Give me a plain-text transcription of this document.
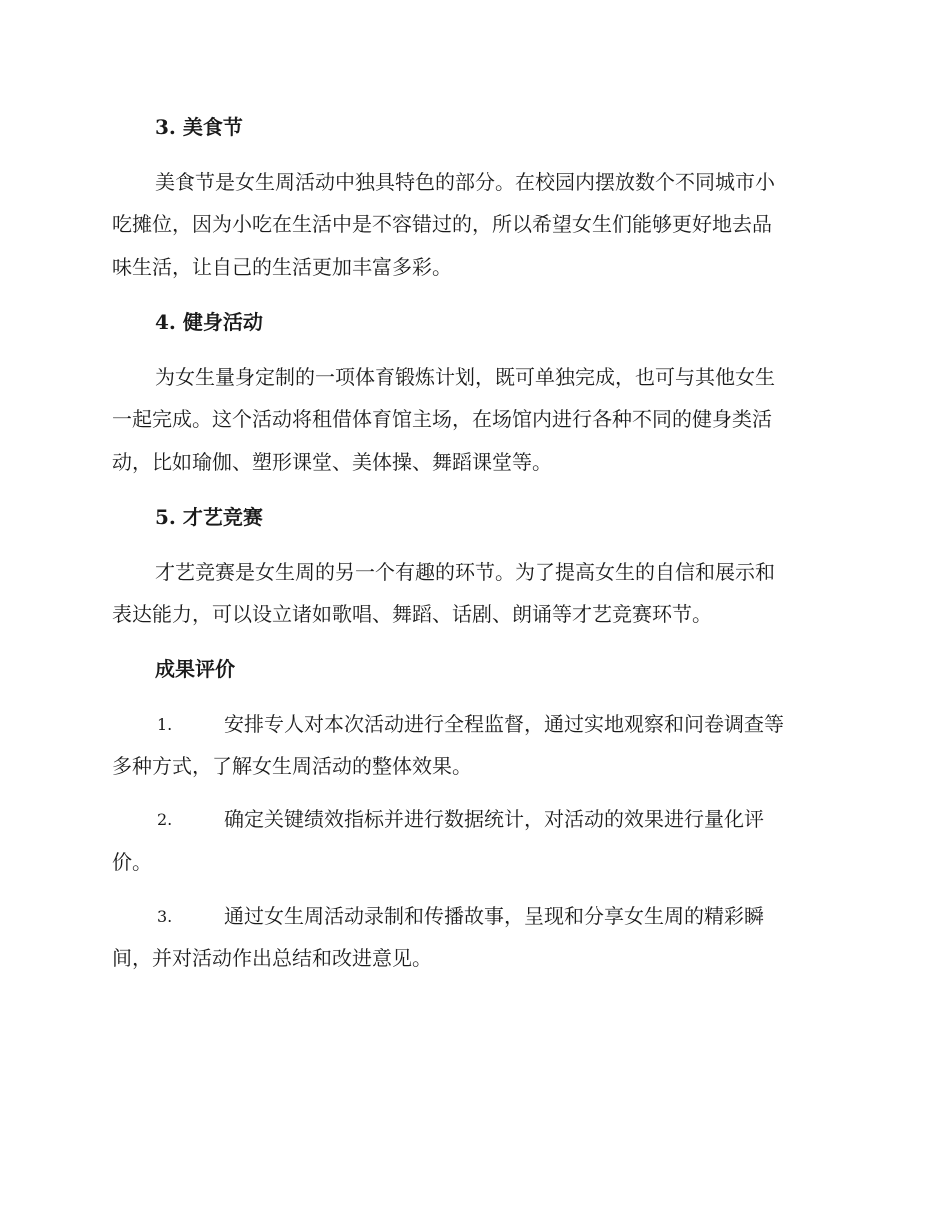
3. 美食节
美食节是女生周活动中独具特色的部分。在校园内摆放数个不同城市小
吃摊位，因为小吃在生活中是不容错过的，所以希望女生们能够更好地去品
味生活，让自己的生活更加丰富多彩。
4. 健身活动
为女生量身定制的一项体育锻炼计划，既可单独完成，也可与其他女生
一起完成。这个活动将租借体育馆主场，在场馆内进行各种不同的健身类活
动，比如瑜伽、塑形课堂、美体操、舞蹈课堂等。
5. 才艺竞赛
才艺竞赛是女生周的另一个有趣的环节。为了提高女生的自信和展示和
表达能力，可以设立诸如歌唱、舞蹈、话剧、朗诵等才艺竞赛环节。
成果评价
1.	安排专人对本次活动进行全程监督，通过实地观察和问卷调查等
多种方式，了解女生周活动的整体效果。
2.	确定关键绩效指标并进行数据统计，对活动的效果进行量化评
价。
3.	通过女生周活动录制和传播故事，呈现和分享女生周的精彩瞬
间，并对活动作出总结和改进意见。
